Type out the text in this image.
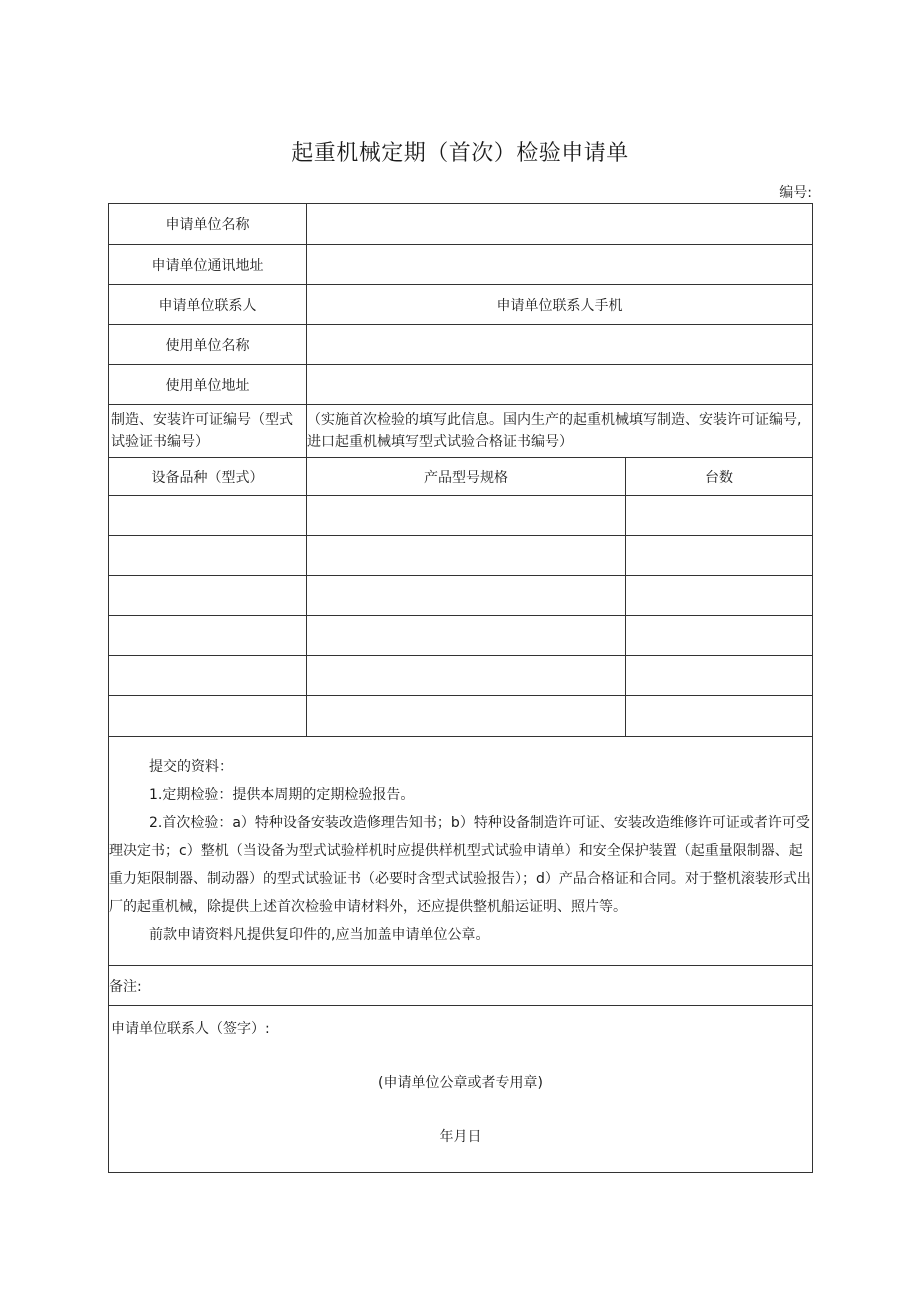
起重机械定期（首次）检验申请单
编号:
申请单位名称		
申请单位通讯地址		
申请单位联系人	申请单位联系人手机	
使用单位名称		
使用单位地址		
制造、安装许可证编号（型式试验证书编号）	（实施首次检验的填写此信息。国内生产的起重机械填写制造、安装许可证编号,进口起重机械填写型式试验合格证书编号）	
设备品种（型式）	产品型号规格	台数

提交的资料：

1.定期检验：提供本周期的定期检验报告。

2.首次检验：a）特种设备安装改造修理告知书；b）特种设备制造许可证、安装改造维修许可证或者许可受理决定书；c）整机（当设备为型式试验样机时应提供样机型式试验申请单）和安全保护装置（起重量限制器、起重力矩限制器、制动器）的型式试验证书（必要时含型式试验报告）；d）产品合格证和合同。对于整机滚装形式出厂的起重机械，除提供上述首次检验申请材料外，还应提供整机船运证明、照片等。

前款申请资料凡提供复印件的,应当加盖申请单位公章。		

备注:		

申请单位联系人（签字）:
(申请单位公章或者专用章)
年月日		
